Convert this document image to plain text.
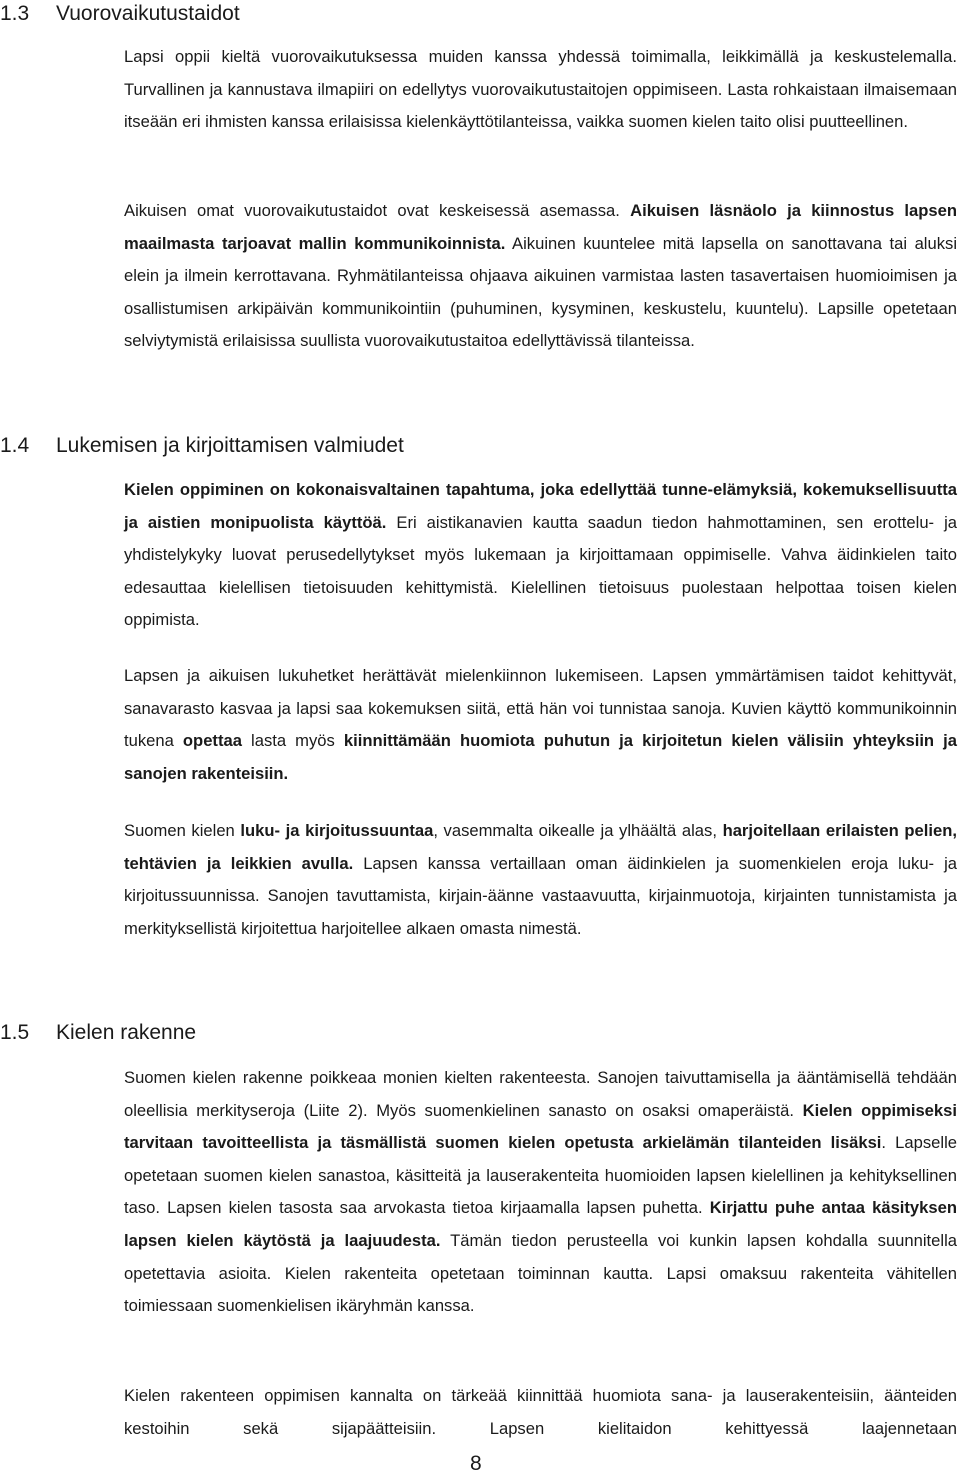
1.3 Vuorovaikutustaidot

Lapsi oppii kieltä vuorovaikutuksessa muiden kanssa yhdessä toimimalla, leikkimällä ja keskustelemalla. Turvallinen ja kannustava ilmapiiri on edellytys vuorovaikutustaitojen oppimiseen. Lasta rohkaistaan ilmaisemaan itseään eri ihmisten kanssa erilaisissa kielenkäyttötilanteissa, vaikka suomen kielen taito olisi puutteellinen.

Aikuisen omat vuorovaikutustaidot ovat keskeisessä asemassa. Aikuisen läsnäolo ja kiinnostus lapsen maailmasta tarjoavat mallin kommunikoinnista. Aikuinen kuuntelee mitä lapsella on sanottavana tai aluksi elein ja ilmein kerrottavana. Ryhmätilanteissa ohjaava aikuinen varmistaa lasten tasavertaisen huomioimisen ja osallistumisen arkipäivän kommunikointiin (puhuminen, kysyminen, keskustelu, kuuntelu). Lapsille opetetaan selviytymistä erilaisissa suullista vuorovaikutustaitoa edellyttävissä tilanteissa.

1.4 Lukemisen ja kirjoittamisen valmiudet

Kielen oppiminen on kokonaisvaltainen tapahtuma, joka edellyttää tunne-elämyksiä, kokemuksellisuutta ja aistien monipuolista käyttöä. Eri aistikanavien kautta saadun tiedon hahmottaminen, sen erottelu- ja yhdistelykyky luovat perusedellytykset myös lukemaan ja kirjoittamaan oppimiselle. Vahva äidinkielen taito edesauttaa kielellisen tietoisuuden kehittymistä. Kielellinen tietoisuus puolestaan helpottaa toisen kielen oppimista.

Lapsen ja aikuisen lukuhetket herättävät mielenkiinnon lukemiseen. Lapsen ymmärtämisen taidot kehittyvät, sanavarasto kasvaa ja lapsi saa kokemuksen siitä, että hän voi tunnistaa sanoja. Kuvien käyttö kommunikoinnin tukena opettaa lasta myös kiinnittämään huomiota puhutun ja kirjoitetun kielen välisiin yhteyksiin ja sanojen rakenteisiin.

Suomen kielen luku- ja kirjoitussuuntaa, vasemmalta oikealle ja ylhäältä alas, harjoitellaan erilaisten pelien, tehtävien ja leikkien avulla. Lapsen kanssa vertaillaan oman äidinkielen ja suomenkielen eroja luku- ja kirjoitussuunnissa. Sanojen tavuttamista, kirjain-äänne vastaavuutta, kirjainmuotoja, kirjainten tunnistamista ja merkityksellistä kirjoitettua harjoitellee alkaen omasta nimestä.

1.5 Kielen rakenne

Suomen kielen rakenne poikkeaa monien kielten rakenteesta. Sanojen taivuttamisella ja ääntämisellä tehdään oleellisia merkityseroja (Liite 2). Myös suomenkielinen sanasto on osaksi omaperäistä. Kielen oppimiseksi tarvitaan tavoitteellista ja täsmällistä suomen kielen opetusta arkielämän tilanteiden lisäksi. Lapselle opetetaan suomen kielen sanastoa, käsitteitä ja lauserakenteita huomioiden lapsen kielellinen ja kehityksellinen taso. Lapsen kielen tasosta saa arvokasta tietoa kirjaamalla lapsen puhetta. Kirjattu puhe antaa käsityksen lapsen kielen käytöstä ja laajuudesta. Tämän tiedon perusteella voi kunkin lapsen kohdalla suunnitella opetettavia asioita. Kielen rakenteita opetetaan toiminnan kautta. Lapsi omaksuu rakenteita vähitellen toimiessaan suomenkielisen ikäryhmän kanssa.

Kielen rakenteen oppimisen kannalta on tärkeää kiinnittää huomiota sana- ja lauserakenteisiin, äänteiden kestoihin sekä sijapäätteisiin. Lapsen kielitaidon kehittyessä laajennetaan

8
